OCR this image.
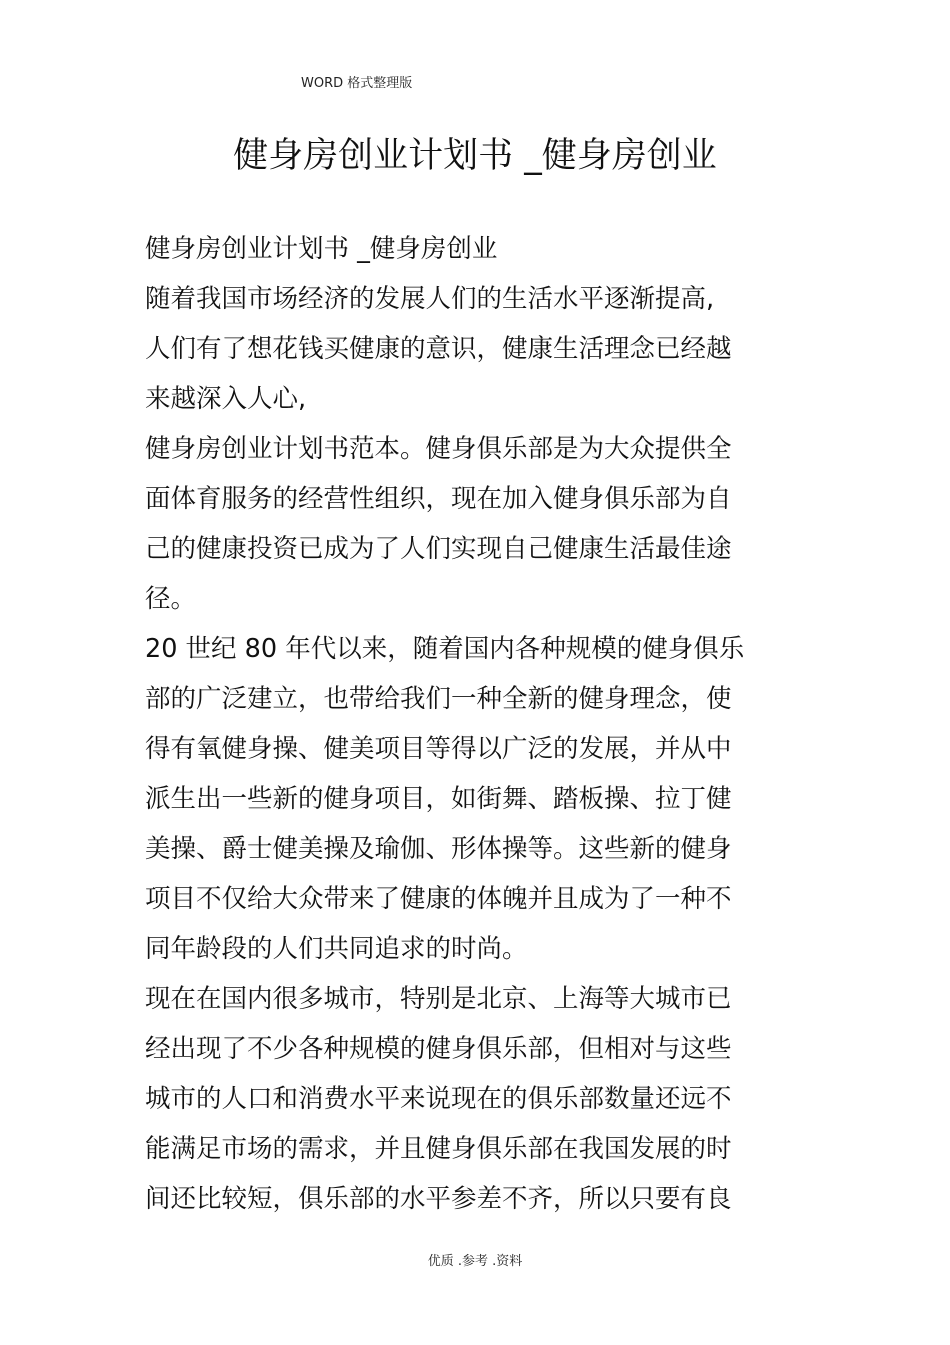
WORD 格式整理版
健身房创业计划书 _健身房创业

健身房创业计划书 _健身房创业

随着我国市场经济的发展人们的生活水平逐渐提高,

人们有了想花钱买健康的意识，健康生活理念已经越

来越深入人心,

健身房创业计划书范本。健身俱乐部是为大众提供全

面体育服务的经营性组织，现在加入健身俱乐部为自

己的健康投资已成为了人们实现自己健康生活最佳途

径。

20 世纪 80 年代以来，随着国内各种规模的健身俱乐

部的广泛建立，也带给我们一种全新的健身理念，使

得有氧健身操、健美项目等得以广泛的发展，并从中

派生出一些新的健身项目，如街舞、踏板操、拉丁健

美操、爵士健美操及瑜伽、形体操等。这些新的健身

项目不仅给大众带来了健康的体魄并且成为了一种不

同年龄段的人们共同追求的时尚。

现在在国内很多城市，特别是北京、上海等大城市已

经出现了不少各种规模的健身俱乐部，但相对与这些

城市的人口和消费水平来说现在的俱乐部数量还远不

能满足市场的需求，并且健身俱乐部在我国发展的时

间还比较短，俱乐部的水平参差不齐，所以只要有良

优质 .参考 .资料
